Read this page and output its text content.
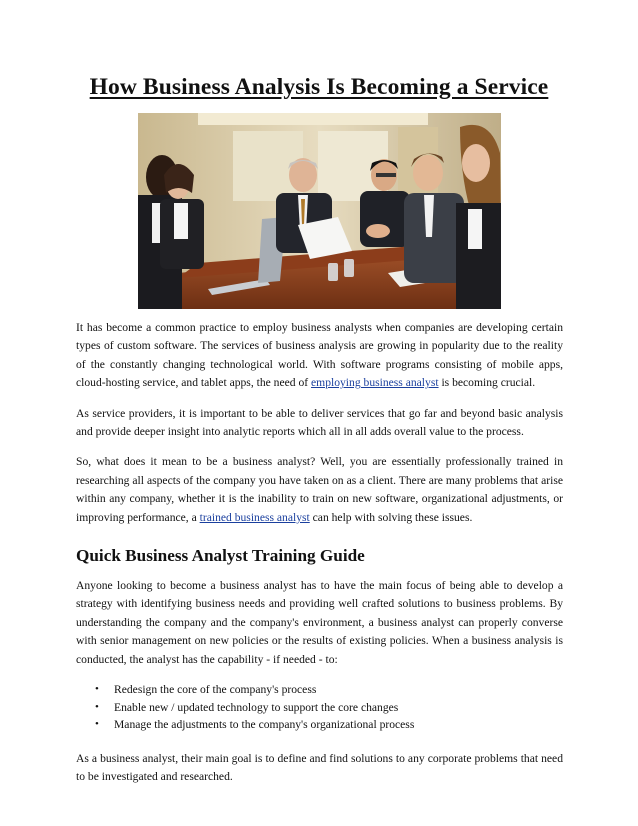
How Business Analysis Is Becoming a Service

It has become a common practice to employ business analysts when companies are developing certain types of custom software. The services of business analysis are growing in popularity due to the reality of the constantly changing technological world. With software programs consisting of mobile apps, cloud-hosting service, and tablet apps, the need of employing business analyst is becoming crucial.

As service providers, it is important to be able to deliver services that go far and beyond basic analysis and provide deeper insight into analytic reports which all in all adds overall value to the process.

So, what does it mean to be a business analyst? Well, you are essentially professionally trained in researching all aspects of the company you have taken on as a client. There are many problems that arise within any company, whether it is the inability to train on new software, organizational adjustments, or improving performance, a trained business analyst can help with solving these issues.

Quick Business Analyst Training Guide

Anyone looking to become a business analyst has to have the main focus of being able to develop a strategy with identifying business needs and providing well crafted solutions to business problems. By understanding the company and the company's environment, a business analyst can properly converse with senior management on new policies or the results of existing policies. When a business analysis is conducted, the analyst has the capability - if needed - to:

• Redesign the core of the company's process
• Enable new / updated technology to support the core changes
• Manage the adjustments to the company's organizational process

As a business analyst, their main goal is to define and find solutions to any corporate problems that need to be investigated and researched.
